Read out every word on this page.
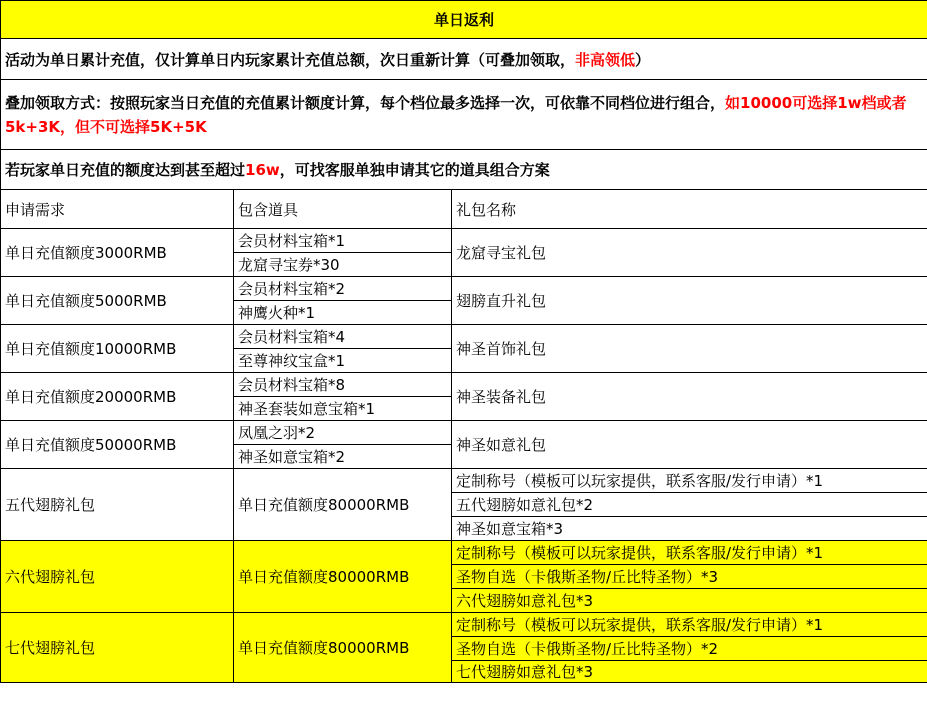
单日返利		
活动为单日累计充值，仅计算单日内玩家累计充值总额，次日重新计算（可叠加领取，非高领低）		
叠加领取方式：按照玩家当日充值的充值累计额度计算，每个档位最多选择一次，可依靠不同档位进行组合，如10000可选择1w档或者5k+3K，但不可选择5K+5K		
若玩家单日充值的额度达到甚至超过16w，可找客服单独申请其它的道具组合方案		
申请需求	包含道具	礼包名称
单日充值额度3000RMB	会员材料宝箱*1	龙窟寻宝礼包
	龙窟寻宝券*30	
单日充值额度5000RMB	会员材料宝箱*2	翅膀直升礼包
	神鹰火种*1	
单日充值额度10000RMB	会员材料宝箱*4	神圣首饰礼包
	至尊神纹宝盒*1	
单日充值额度20000RMB	会员材料宝箱*8	神圣装备礼包
	神圣套装如意宝箱*1	
单日充值额度50000RMB	凤凰之羽*2	神圣如意礼包
	神圣如意宝箱*2	
五代翅膀礼包	单日充值额度80000RMB	定制称号（模板可以玩家提供，联系客服/发行申请）*1
		五代翅膀如意礼包*2
		神圣如意宝箱*3
六代翅膀礼包	单日充值额度80000RMB	定制称号（模板可以玩家提供，联系客服/发行申请）*1
		圣物自选（卡俄斯圣物/丘比特圣物）*3
		六代翅膀如意礼包*3
七代翅膀礼包	单日充值额度80000RMB	定制称号（模板可以玩家提供，联系客服/发行申请）*1
		圣物自选（卡俄斯圣物/丘比特圣物）*2
		七代翅膀如意礼包*3
